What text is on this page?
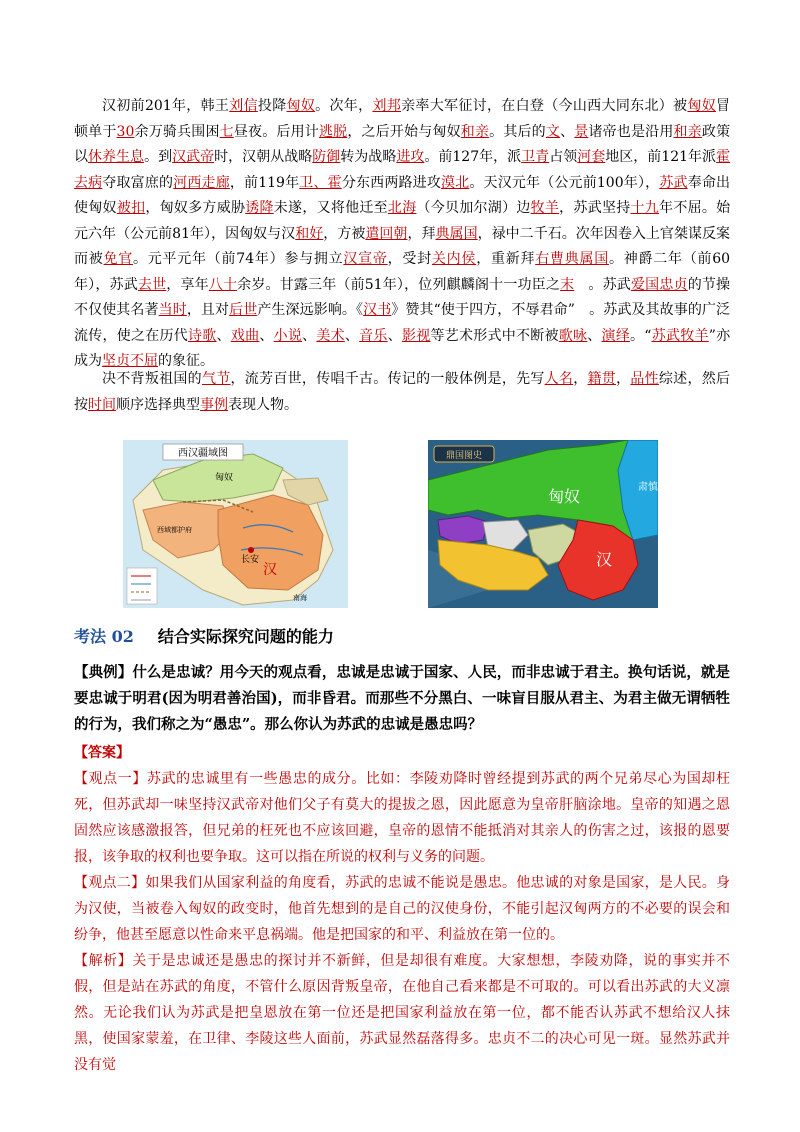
汉初前201年，韩王刘信投降匈奴。次年，刘邦亲率大军征讨，在白登（今山西大同东北）被匈奴冒顿单于30余万骑兵围困七昼夜。后用计逃脱，之后开始与匈奴和亲。其后的文、景诸帝也是沿用和亲政策以休养生息。到汉武帝时，汉朝从战略防御转为战略进攻。前127年，派卫青占领河套地区，前121年派霍去病夺取富庶的河西走廊，前119年卫、霍分东西两路进攻漠北。天汉元年（公元前100年），苏武奉命出使匈奴被扣，匈奴多方威胁诱降未遂，又将他迁至北海（今贝加尔湖）边牧羊，苏武坚持十九年不屈。始元六年（公元前81年），因匈奴与汉和好，方被遣回朝，拜典属国，禄中二千石。次年因卷入上官桀谋反案而被免官。元平元年（前74年）参与拥立汉宣帝，受封关内侯，重新拜右曹典属国。神爵二年（前60年），苏武去世，享年八十余岁。甘露三年（前51年），位列麒麟阁十一功臣之末　。苏武爱国忠贞的节操不仅使其名著当时，且对后世产生深远影响。《汉书》赞其“使于四方，不辱君命”　。苏武及其故事的广泛流传，使之在历代诗歌、戏曲、小说、美术、音乐、影视等艺术形式中不断被歌咏、演绎。“苏武牧羊”亦成为坚贞不屈的象征。
决不背叛祖国的气节，流芳百世，传唱千古。传记的一般体例是，先写人名，籍贯，品性综述，然后按时间顺序选择典型事例表现人物。
西汉疆域图
长安
汉
西域都护府
匈奴
南海
鼎国图史
匈奴	肃慎
汉
考法 02 结合实际探究问题的能力
【典例】什么是忠诚？用今天的观点看，忠诚是忠诚于国家、人民，而非忠诚于君主。换句话说，就是要忠诚于明君(因为明君善治国)，而非昏君。而那些不分黑白、一味盲目服从君主、为君主做无谓牺牲的行为，我们称之为“愚忠”。那么你认为苏武的忠诚是愚忠吗？
【答案】
【观点一】苏武的忠诚里有一些愚忠的成分。比如：李陵劝降时曾经提到苏武的两个兄弟尽心为国却枉死，但苏武却一味坚持汉武帝对他们父子有莫大的提拔之恩，因此愿意为皇帝肝脑涂地。皇帝的知遇之恩固然应该感激报答，但兄弟的枉死也不应该回避，皇帝的恩情不能抵消对其亲人的伤害之过，该报的恩要报，该争取的权利也要争取。这可以指在所说的权利与义务的问题。
【观点二】如果我们从国家利益的角度看，苏武的忠诚不能说是愚忠。他忠诚的对象是国家，是人民。身为汉使，当被卷入匈奴的政变时，他首先想到的是自己的汉使身份，不能引起汉匈两方的不必要的误会和纷争，他甚至愿意以性命来平息祸端。他是把国家的和平、利益放在第一位的。
【解析】关于是忠诚还是愚忠的探讨并不新鲜，但是却很有难度。大家想想，李陵劝降，说的事实并不假，但是站在苏武的角度，不管什么原因背叛皇帝，在他自己看来都是不可取的。可以看出苏武的大义凛然。无论我们认为苏武是把皇恩放在第一位还是把国家利益放在第一位，都不能否认苏武不想给汉人抹黑，使国家蒙羞，在卫律、李陵这些人面前，苏武显然磊落得多。忠贞不二的决心可见一斑。显然苏武并没有觉
